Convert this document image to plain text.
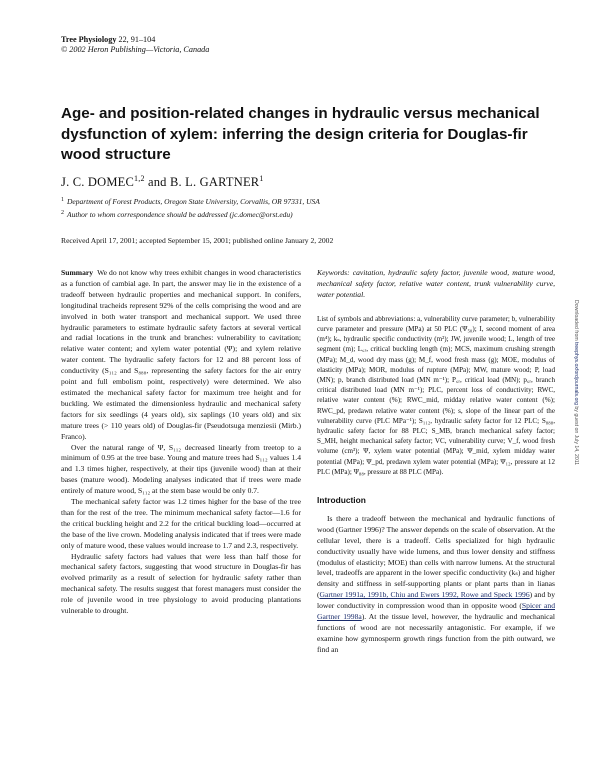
Tree Physiology 22, 91–104
© 2002 Heron Publishing—Victoria, Canada
Age- and position-related changes in hydraulic versus mechanical dysfunction of xylem: inferring the design criteria for Douglas-fir wood structure
J. C. DOMEC$^{1,2}$ and B. L. GARTNER$^1$
$^1$ Department of Forest Products, Oregon State University, Corvallis, OR 97331, USA
$^2$ Author to whom correspondence should be addressed (jc.domec@orst.edu)
Received April 17, 2001; accepted September 15, 2001; published online January 2, 2002

Summary We do not know why trees exhibit changes in wood characteristics as a function of cambial age. In part, the answer may lie in the existence of a tradeoff between hydraulic properties and mechanical support. In conifers, longitudinal tracheids represent 92% of the cells comprising the wood and are involved in both water transport and mechanical support. We used three hydraulic parameters to estimate hydraulic safety factors at several vertical and radial locations in the trunk and branches: vulnerability to cavitation; relative water content; and xylem water potential (Ψ); and xylem relative water content. The hydraulic safety factors for 12 and 88 percent loss of conductivity (S₁₁₂ and S₈₈₈, representing the safety factors for the air entry point and full embolism point, respectively) were determined. We also estimated the mechanical safety factor for maximum tree height and for buckling. We estimated the dimensionless hydraulic and mechanical safety factors for six seedlings (4 years old), six saplings (10 years old) and six mature trees (> 110 years old) of Douglas-fir (Pseudotsuga menziesii (Mirb.) Franco).

Over the natural range of Ψ, S₁₁₂ decreased linearly from treetop to a minimum of 0.95 at the tree base. Young and mature trees had S₁₁₂ values 1.4 and 1.3 times higher, respectively, at their tips (juvenile wood) than at their bases (mature wood). Modeling analyses indicated that if trees were made entirely of mature wood, S₁₁₂ at the stem base would be only 0.7.

The mechanical safety factor was 1.2 times higher for the base of the tree than for the rest of the tree. The minimum mechanical safety factor—1.6 for the critical buckling height and 2.2 for the critical buckling load—occurred at the base of the live crown. Modeling analysis indicated that if trees were made only of mature wood, these values would increase to 1.7 and 2.3, respectively.

Hydraulic safety factors had values that were less than half those for mechanical safety factors, suggesting that wood structure in Douglas-fir has evolved primarily as a result of selection for hydraulic safety rather than mechanical safety. The results suggest that forest managers must consider the role of juvenile wood in tree physiology to avoid producing plantations vulnerable to drought.

Keywords: cavitation, hydraulic safety factor, juvenile wood, mature wood, mechanical safety factor, relative water content, trunk vulnerability curve, water potential.

List of symbols and abbreviations: a, vulnerability curve parameter; b, vulnerability curve parameter and pressure (MPa) at 50 PLC (Ψ₅₀); I, second moment of area (m⁴); kₛ, hydraulic specific conductivity (m²); JW, juvenile wood; L, length of tree segment (m); L꜀ᵣ, critical buckling length (m); MCS, maximum crushing strength (MPa); M_d, wood dry mass (g); M_f, wood fresh mass (g); MOE, modulus of elasticity (MPa); MOR, modulus of rupture (MPa); MW, mature wood; P, load (MN); p, branch distributed load (MN m⁻¹); P꜀ᵣ, critical load (MN); p꜀ᵣ, branch critical distributed load (MN m⁻¹); PLC, percent loss of conductivity; RWC, relative water content (%); RWC_mid, midday relative water content (%); RWC_pd, predawn relative water content (%); s, slope of the linear part of the vulnerability curve (PLC MPa⁻¹); S₁₁₂, hydraulic safety factor for 12 PLC; S₈₈₈, hydraulic safety factor for 88 PLC; S_MB, branch mechanical safety factor; S_MH, height mechanical safety factor; VC, vulnerability curve; V_f, wood fresh volume (cm³); Ψ, xylem water potential (MPa); Ψ_mid, xylem midday water potential (MPa); Ψ_pd, predawn xylem water potential (MPa); Ψ₁₂, pressure at 12 PLC (MPa); Ψ₈₈, pressure at 88 PLC (MPa).

Introduction

Is there a tradeoff between the mechanical and hydraulic functions of wood (Gartner 1996)? The answer depends on the scale of observation. At the cellular level, there is a tradeoff. Cells specialized for high hydraulic conductivity usually have wide lumens, and thus lower density and stiffness (modulus of elasticity; MOE) than cells with narrow lumens. At the structural level, tradeoffs are apparent in the lower specific conductivity (kₛ) and higher density and stiffness in self-supporting plants or plant parts than in lianas (Gartner 1991a, 1991b, Chiu and Ewers 1992, Rowe and Speck 1996) and by lower conductivity in compression wood than in opposite wood (Spicer and Gartner 1998a). At the tissue level, however, the hydraulic and mechanical functions of wood are not necessarily antagonistic. For example, if we examine how gymnosperm growth rings function from the pith outward, we find an

Downloaded from treephys.oxfordjournals.org by guest on July 14, 2011
